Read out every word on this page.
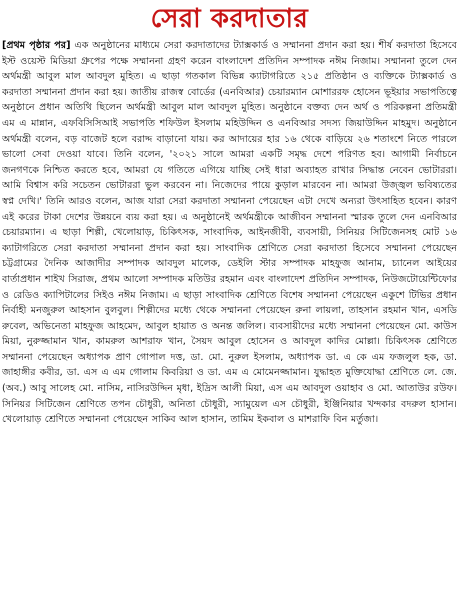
সেরা করদাতার

[প্রথম পৃষ্ঠার পর] এক অনুষ্ঠানের মাধ্যমে সেরা করদাতাদের ট্যাক্সকার্ড ও সম্মাননা প্রদান করা হয়। শীর্ষ করদাতা হিসেবে ইস্ট ওয়েস্ট মিডিয়া গ্রুপের পক্ষে সম্মাননা গ্রহণ করেন বাংলাদেশ প্রতিদিন সম্পাদক নঈম নিজাম। সম্মাননা তুলে দেন অর্থমন্ত্রী আবুল মাল আবদুল মুহিত। এ ছাড়া গতকাল বিভিন্ন ক্যাটাগরিতে ২১৫ প্রতিষ্ঠান ও ব্যক্তিকে ট্যাক্সকার্ড ও করদাতা সম্মাননা প্রদান করা হয়। জাতীয় রাজস্ব বোর্ডের (এনবিআর) চেয়ারম্যান মোশাররফ হোসেন ভূইয়ার সভাপতিত্বে অনুষ্ঠানে প্রধান অতিথি ছিলেন অর্থমন্ত্রী আবুল মাল আবদুল মুহিত। অনুষ্ঠানে বক্তব্য দেন অর্থ ও পরিকল্পনা প্রতিমন্ত্রী এম এ মান্নান, এফবিসিসিআই সভাপতি শফিউল ইসলাম মহিউদ্দিন ও এনবিআর সদস্য জিয়াউদ্দিন মাহমুদ। অনুষ্ঠানে অর্থমন্ত্রী বলেন, বড় বাজেট হলে বরাদ্দ বাড়ানো যায়। কর আদায়ের হার ১৬ থেকে বাড়িয়ে ২৬ শতাংশে নিতে পারলে ভালো সেবা দেওয়া যাবে। তিনি বলেন, '২০২১ সালে আমরা একটি সমৃদ্ধ দেশে পরিণত হব। আগামী নির্বাচনে জনগণকে নিশ্চিত করতে হবে, আমরা যে গতিতে এগিয়ে যাচ্ছি সেই ধারা অব্যাহত রাখার সিদ্ধান্ত নেবেন ভোটাররা। আমি বিশ্বাস করি সচেতন ভোটাররা ভুল করবেন না। নিজেদের পায়ে কুড়াল মারবেন না। আমরা উজ্জ্বল ভবিষ্যতের স্বপ্ন দেখি।' তিনি আরও বলেন, আজ যারা সেরা করদাতা সম্মাননা পেয়েছেন এটা দেখে অন্যরা উৎসাহিত হবেন। কারণ এই করের টাকা দেশের উন্নয়নে ব্যয় করা হয়। এ অনুষ্ঠানেই অর্থমন্ত্রীকে আজীবন সম্মাননা স্মারক তুলে দেন এনবিআর চেয়ারম্যান। এ ছাড়া শিল্পী, খেলোয়াড়, চিকিৎসক, সাংবাদিক, আইনজীবী, ব্যবসায়ী, সিনিয়র সিটিজেনসহ মোট ১৬ ক্যাটাগরিতে সেরা করদাতা সম্মাননা প্রদান করা হয়। সাংবাদিক শ্রেণিতে সেরা করদাতা হিসেবে সম্মাননা পেয়েছেন চট্টগ্রামের দৈনিক আজাদীর সম্পাদক আবদুল মালেক, ডেইলি স্টার সম্পাদক মাহফুজ আনাম, চ্যানেল আইয়ের বার্তাপ্রধান শাইখ সিরাজ, প্রথম আলো সম্পাদক মতিউর রহমান এবং বাংলাদেশ প্রতিদিন সম্পাদক, নিউজটোয়েন্টিফোর ও রেডিও ক্যাপিটালের সিইও নঈম নিজাম। এ ছাড়া সাংবাদিক শ্রেণিতে বিশেষ সম্মাননা পেয়েছেন একুশে টিভির প্রধান নির্বাহী মনজুরুল আহসান বুলবুল। শিল্পীদের মধ্যে থেকে সম্মাননা পেয়েছেন রুনা লায়লা, তাহসান রহমান খান, এসডি রুবেল, অভিনেতা মাহফুজ আহমেদ, আবুল হায়াত ও অনন্ত জলিল। ব্যবসায়ীদের মধ্যে সম্মাননা পেয়েছেন মো. কাউস মিয়া, নুরুজ্জামান খান, কামরুল আশরাফ খান, সৈয়দ আবুল হোসেন ও আবদুল কাদির মোল্লা। চিকিৎসক শ্রেণিতে সম্মাননা পেয়েছেন অধ্যাপক প্রাণ গোপাল দত্ত, ডা. মো. নুরুল ইসলাম, অধ্যাপক ডা. এ কে এম ফজলুল হক, ডা. জাহাঙ্গীর কবীর, ডা. এস এ এম গোলাম কিবরিয়া ও ডা. এম এ মোমেনজ্জামান। যুদ্ধাহত মুক্তিযোদ্ধা শ্রেণিতে লে. জে. (অব.) আবু সালেহ মো. নাসিম, নাসিরউদ্দিন মৃধা, ইদ্রিস আলী মিয়া, এস এম আবদুল ওয়াহাব ও মো. আতাউর রউফ। সিনিয়র সিটিজেন শ্রেণিতে তপন চৌধুরী, অনিতা চৌধুরী, স্যামুয়েল এস চৌধুরী, ইঞ্জিনিয়ার খন্দকার বদরুল হাসান। খেলোয়াড় শ্রেণিতে সম্মাননা পেয়েছেন সাকিব আল হাসান, তামিম ইকবাল ও মাশরাফি বিন মর্তুজা।
